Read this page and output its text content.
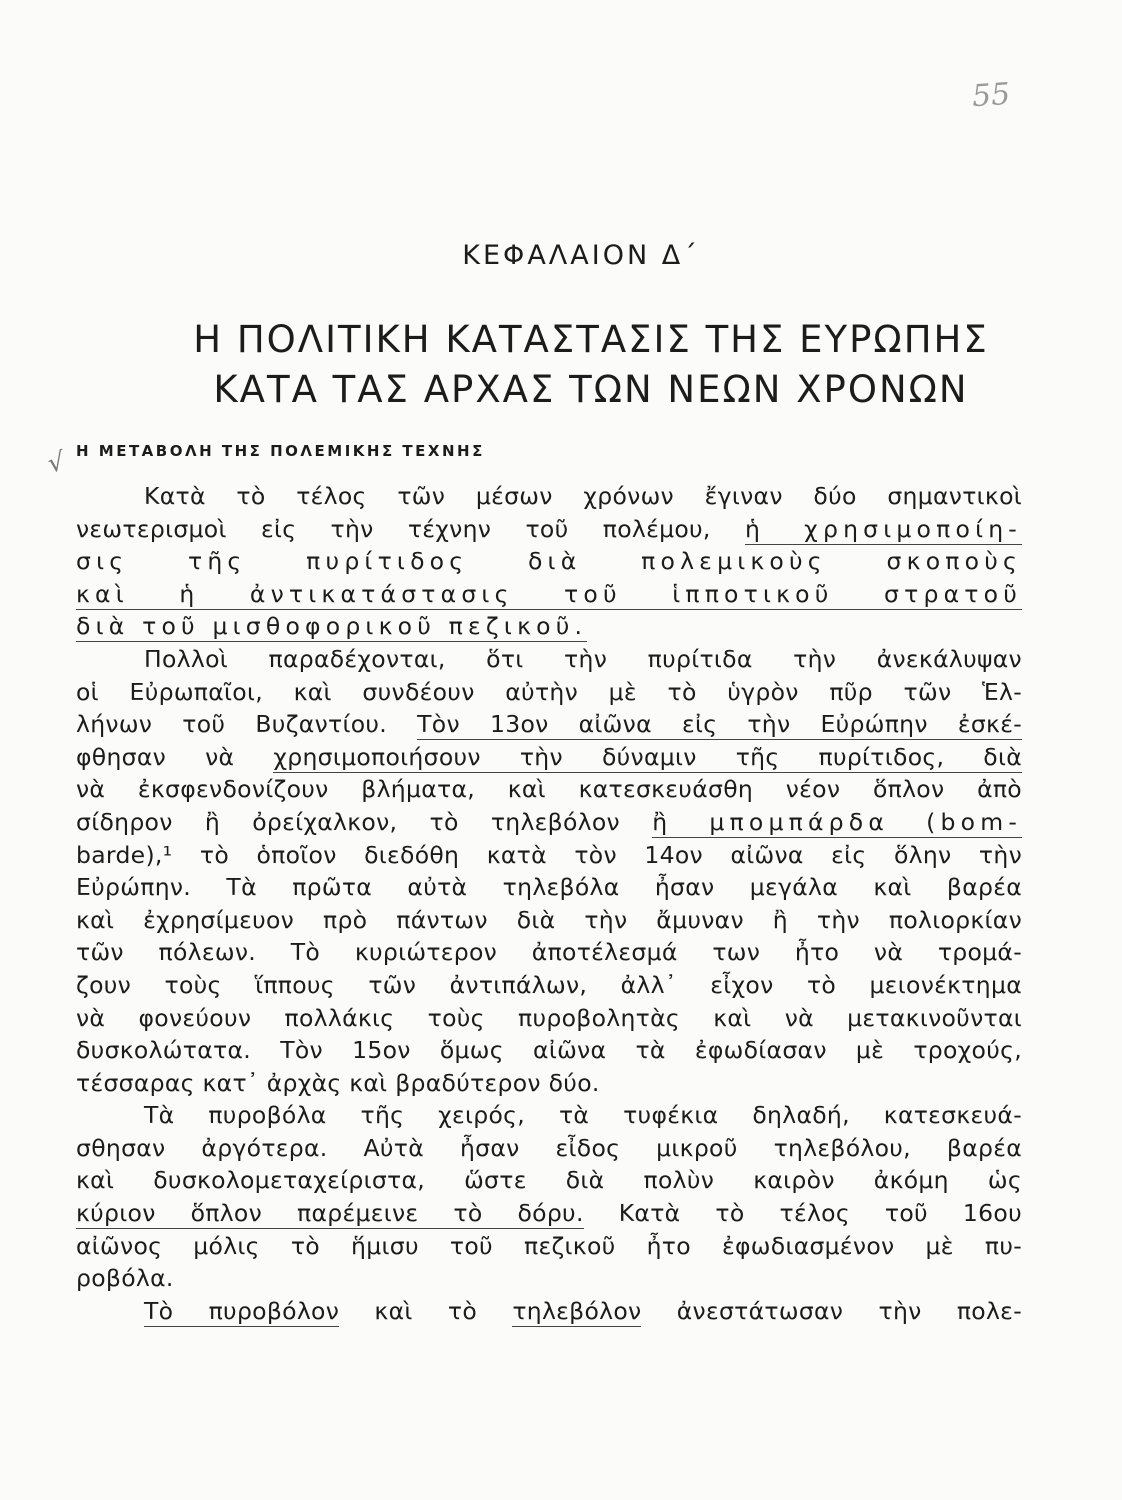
55
ΚΕΦΑΛΑΙΟΝ Δ΄
Η ΠΟΛΙΤΙΚΗ ΚΑΤΑΣΤΑΣΙΣ ΤΗΣ ΕΥΡΩΠΗΣ
ΚΑΤΑ ΤΑΣ ΑΡΧΑΣ ΤΩΝ ΝΕΩΝ ΧΡΟΝΩΝ
√ Η ΜΕΤΑΒΟΛΗ ΤΗΣ ΠΟΛΕΜΙΚΗΣ ΤΕΧΝΗΣ
Κατὰ τὸ τέλος τῶν μέσων χρόνων ἔγιναν δύο σημαντικοὶ
νεωτερισμοὶ εἰς τὴν τέχνην τοῦ πολέμου, ἡ χρησιμοποίη-
σις τῆς πυρίτιδος διὰ πολεμικοὺς σκοποὺς
καὶ ἡ ἀντικατάστασις τοῦ ἱπποτικοῦ στρατοῦ
διὰ τοῦ μισθοφορικοῦ πεζικοῦ.
Πολλοὶ παραδέχονται, ὅτι τὴν πυρίτιδα τὴν ἀνεκάλυψαν
οἱ Εὐρωπαῖοι, καὶ συνδέουν αὐτὴν μὲ τὸ ὑγρὸν πῦρ τῶν Ἑλ-
λήνων τοῦ Βυζαντίου. Τὸν 13ον αἰῶνα εἰς τὴν Εὐρώπην ἐσκέ-
φθησαν νὰ χρησιμοποιήσουν τὴν δύναμιν τῆς πυρίτιδος, διὰ
νὰ ἐκσφενδονίζουν βλήματα, καὶ κατεσκευάσθη νέον ὅπλον ἀπὸ
σίδηρον ἢ ὀρείχαλκον, τὸ τηλεβόλον ἢ μπομπάρδα (bom-
barde),¹ τὸ ὁποῖον διεδόθη κατὰ τὸν 14ον αἰῶνα εἰς ὅλην τὴν
Εὐρώπην. Τὰ πρῶτα αὐτὰ τηλεβόλα ἦσαν μεγάλα καὶ βαρέα
καὶ ἐχρησίμευον πρὸ πάντων διὰ τὴν ἄμυναν ἢ τὴν πολιορκίαν
τῶν πόλεων. Τὸ κυριώτερον ἀποτέλεσμά των ἦτο νὰ τρομά-
ζουν τοὺς ἵππους τῶν ἀντιπάλων, ἀλλ᾽ εἶχον τὸ μειονέκτημα
νὰ φονεύουν πολλάκις τοὺς πυροβολητὰς καὶ νὰ μετακινοῦνται
δυσκολώτατα. Τὸν 15ον ὅμως αἰῶνα τὰ ἐφωδίασαν μὲ τροχούς,
τέσσαρας κατ᾽ ἀρχὰς καὶ βραδύτερον δύο.
Τὰ πυροβόλα τῆς χειρός, τὰ τυφέκια δηλαδή, κατεσκευά-
σθησαν ἀργότερα. Αὐτὰ ἦσαν εἶδος μικροῦ τηλεβόλου, βαρέα
καὶ δυσκολομεταχείριστα, ὥστε διὰ πολὺν καιρὸν ἀκόμη ὡς
κύριον ὅπλον παρέμεινε τὸ δόρυ. Κατὰ τὸ τέλος τοῦ 16ου
αἰῶνος μόλις τὸ ἥμισυ τοῦ πεζικοῦ ἦτο ἐφωδιασμένον μὲ πυ-
ροβόλα.
Τὸ πυροβόλον καὶ τὸ τηλεβόλον ἀνεστάτωσαν τὴν πολε-
